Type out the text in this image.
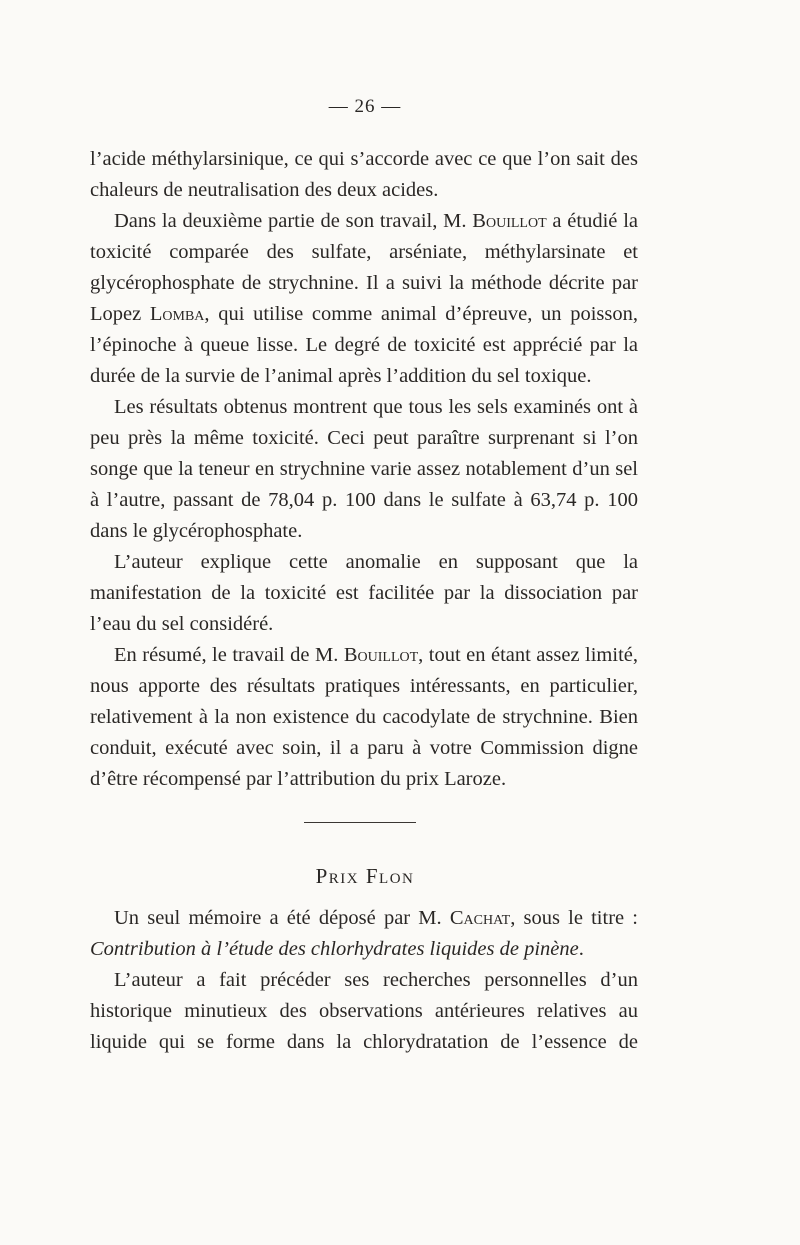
— 26 —

l’acide méthylarsinique, ce qui s’accorde avec ce que l’on sait des chaleurs de neutralisation des deux acides.

Dans la deuxième partie de son travail, M. Bouillot a étudié la toxicité comparée des sulfate, arséniate, méthylarsinate et glycérophosphate de strychnine. Il a suivi la méthode décrite par Lopez Lomba, qui utilise comme animal d’épreuve, un poisson, l’épinoche à queue lisse. Le degré de toxicité est apprécié par la durée de la survie de l’animal après l’addition du sel toxique.

Les résultats obtenus montrent que tous les sels examinés ont à peu près la même toxicité. Ceci peut paraître surprenant si l’on songe que la teneur en strychnine varie assez notablement d’un sel à l’autre, passant de 78,04 p. 100 dans le sulfate à 63,74 p. 100 dans le glycérophosphate.

L’auteur explique cette anomalie en supposant que la manifestation de la toxicité est facilitée par la dissociation par l’eau du sel considéré.

En résumé, le travail de M. Bouillot, tout en étant assez limité, nous apporte des résultats pratiques intéressants, en particulier, relativement à la non existence du cacodylate de strychnine. Bien conduit, exécuté avec soin, il a paru à votre Commission digne d’être récompensé par l’attribution du prix Laroze.

Prix Flon

Un seul mémoire a été déposé par M. Cachat, sous le titre : Contribution à l’étude des chlorhydrates liquides de pinène.

L’auteur a fait précéder ses recherches personnelles d’un historique minutieux des observations antérieures relatives au liquide qui se forme dans la chlorydratation de l’essence de
